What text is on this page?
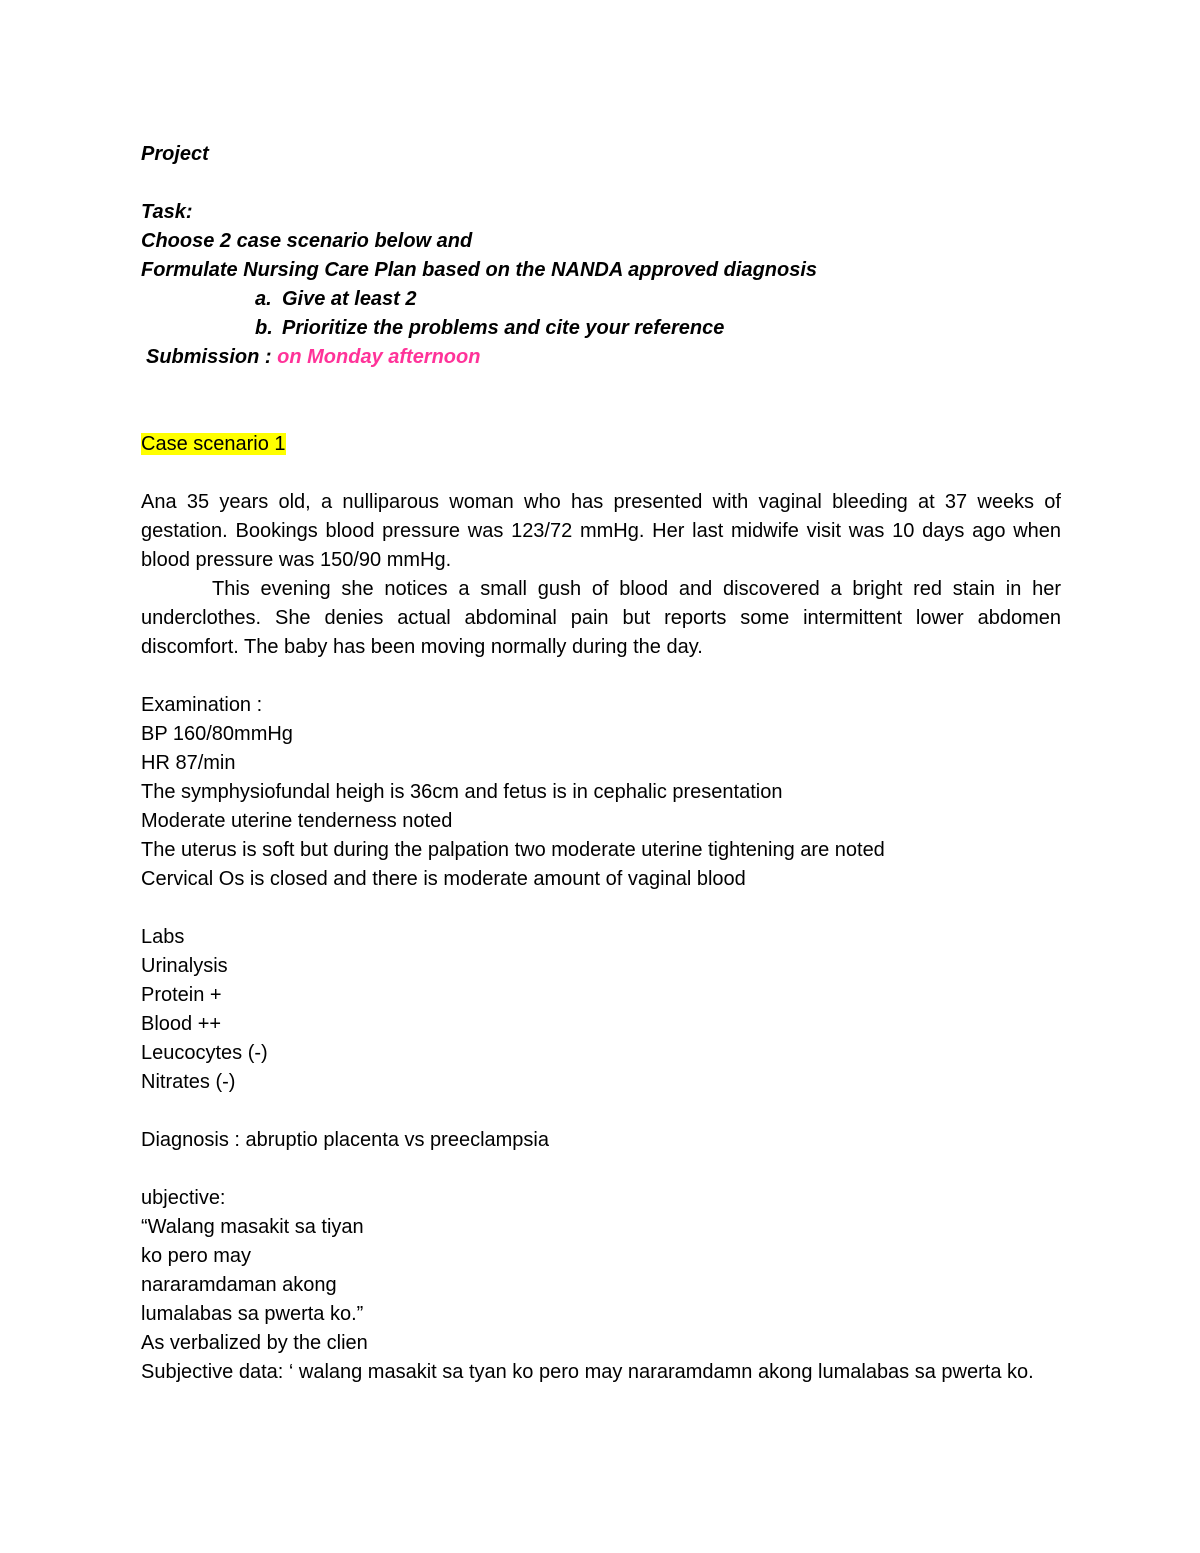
Project
Task:
Choose 2 case scenario below and
Formulate Nursing Care Plan based on the NANDA approved diagnosis
a. Give at least 2
b. Prioritize the problems and cite your reference
Submission : on Monday afternoon
Case scenario 1
Ana 35 years old, a nulliparous woman who has presented with vaginal bleeding at 37 weeks of gestation. Bookings blood pressure was 123/72 mmHg. Her last midwife visit was 10 days ago when blood pressure was 150/90 mmHg.
This evening she notices a small gush of blood and discovered a bright red stain in her underclothes. She denies actual abdominal pain but reports some intermittent lower abdomen discomfort. The baby has been moving normally during the day.
Examination :
BP 160/80mmHg
HR 87/min
The symphysiofundal heigh is 36cm and fetus is in cephalic presentation
Moderate uterine tenderness noted
The uterus is soft but during the palpation two moderate uterine tightening are noted
Cervical Os is closed and there is moderate amount of vaginal blood
Labs
Urinalysis
Protein +
Blood ++
Leucocytes (-)
Nitrates (-)
Diagnosis : abruptio placenta vs preeclampsia
ubjective:
“Walang masakit sa tiyan
ko pero may
nararamdaman akong
lumalabas sa pwerta ko.”
As verbalized by the clien
Subjective data: ‘ walang masakit sa tyan ko pero may nararamdamn akong lumalabas sa pwerta ko.
